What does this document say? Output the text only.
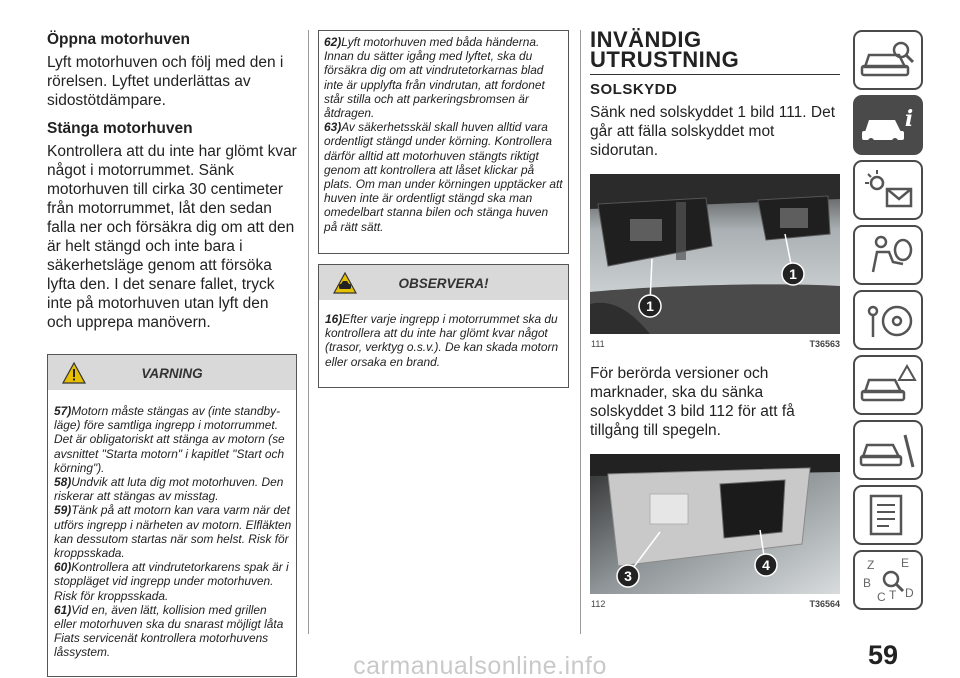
Öppna motorhuven

Lyft motorhuven och följ med den i rörelsen. Lyftet underlättas av sidostötdämpare.

Stänga motorhuven

Kontrollera att du inte har glömt kvar något i motorrummet. Sänk motorhuven till cirka 30 centimeter från motorrummet, låt den sedan falla ner och försäkra dig om att den är helt stängd och inte bara i säkerhetsläge genom att försöka lyfta den. I det senare fallet, tryck inte på motorhuven utan lyft den och upprepa manövern.

VARNING

57)Motorn måste stängas av (inte standby-läge) före samtliga ingrepp i motorrummet. Det är obligatoriskt att stänga av motorn (se avsnittet "Starta motorn" i kapitlet "Start och körning").

58)Undvik att luta dig mot motorhuven. Den riskerar att stängas av misstag.

59)Tänk på att motorn kan vara varm när det utförs ingrepp i närheten av motorn. Elfläkten kan dessutom startas när som helst. Risk för kroppsskada.

60)Kontrollera att vindrutetorkarens spak är i stoppläget vid ingrepp under motorhuven. Risk för kroppsskada.

61)Vid en, även lätt, kollision med grillen eller motorhuven ska du snarast möjligt låta Fiats servicenät kontrollera motorhuvens låssystem.

62)Lyft motorhuven med båda händerna. Innan du sätter igång med lyftet, ska du försäkra dig om att vindrutetorkarnas blad inte är upplyfta från vindrutan, att fordonet står stilla och att parkeringsbromsen är åtdragen.

63)Av säkerhetsskäl skall huven alltid vara ordentligt stängd under körning. Kontrollera därför alltid att motorhuven stängts riktigt genom att kontrollera att låset klickar på plats. Om man under körningen upptäcker att huven inte är ordentligt stängd ska man omedelbart stanna bilen och stänga huven på rätt sätt.

OBSERVERA!

16)Efter varje ingrepp i motorrummet ska du kontrollera att du inte har glömt kvar något (trasor, verktyg o.s.v.). De kan skada motorn eller orsaka en brand.

INVÄNDIG
UTRUSTNING
SOLSKYDD

Sänk ned solskyddet 1 bild 111. Det går att fälla solskyddet mot sidorutan.

1
1
111	T36563

För berörda versioner och marknader, ska du sänka solskyddet 3 bild 112 för att få tillgång till spegeln.

3
4
112	T36564
i
Z E
B
C T D
59
carmanualsonline.info
